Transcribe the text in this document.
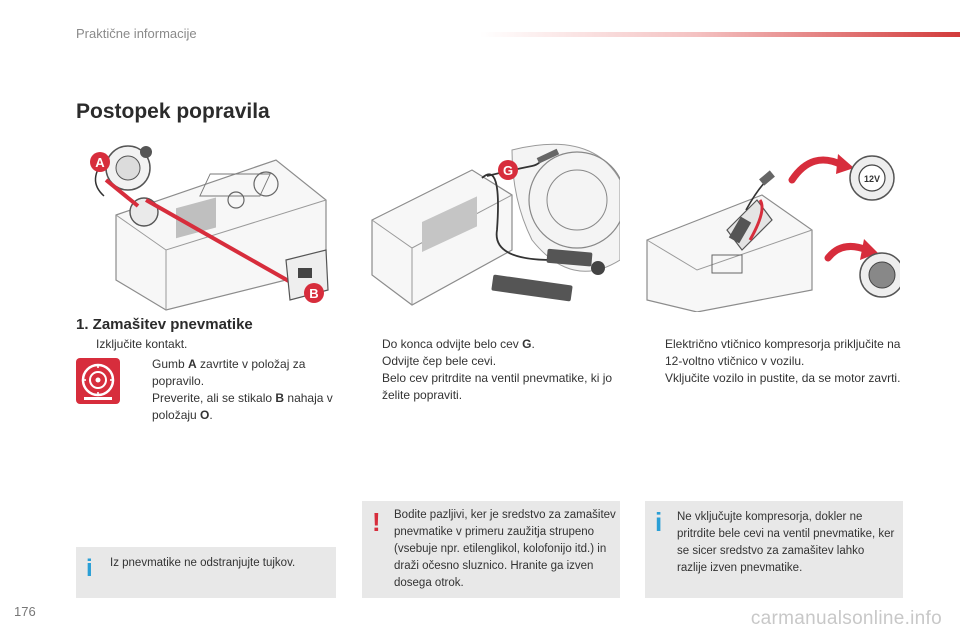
Praktične informacije
Postopek popravila
A
B
G
12V
1. Zamašitev pnevmatike
Izključite kontakt.
Gumb A zavrtite v položaj za popravilo.
Preverite, ali se stikalo B nahaja v položaju O.
Do konca odvijte belo cev G.
Odvijte čep bele cevi.
Belo cev pritrdite na ventil pnevmatike, ki jo želite popraviti.
Električno vtičnico kompresorja priključite na 12-voltno vtičnico v vozilu.
Vključite vozilo in pustite, da se motor zavrti.
i Iz pnevmatike ne odstranjujte tujkov.
! Bodite pazljivi, ker je sredstvo za zamašitev pnevmatike v primeru zaužitja strupeno (vsebuje npr. etilenglikol, kolofonijo itd.) in draži očesno sluznico. Hranite ga izven dosega otrok.
i Ne vključujte kompresorja, dokler ne pritrdite bele cevi na ventil pnevmatike, ker se sicer sredstvo za zamašitev lahko razlije izven pnevmatike.
176	carmanualsonline.info
